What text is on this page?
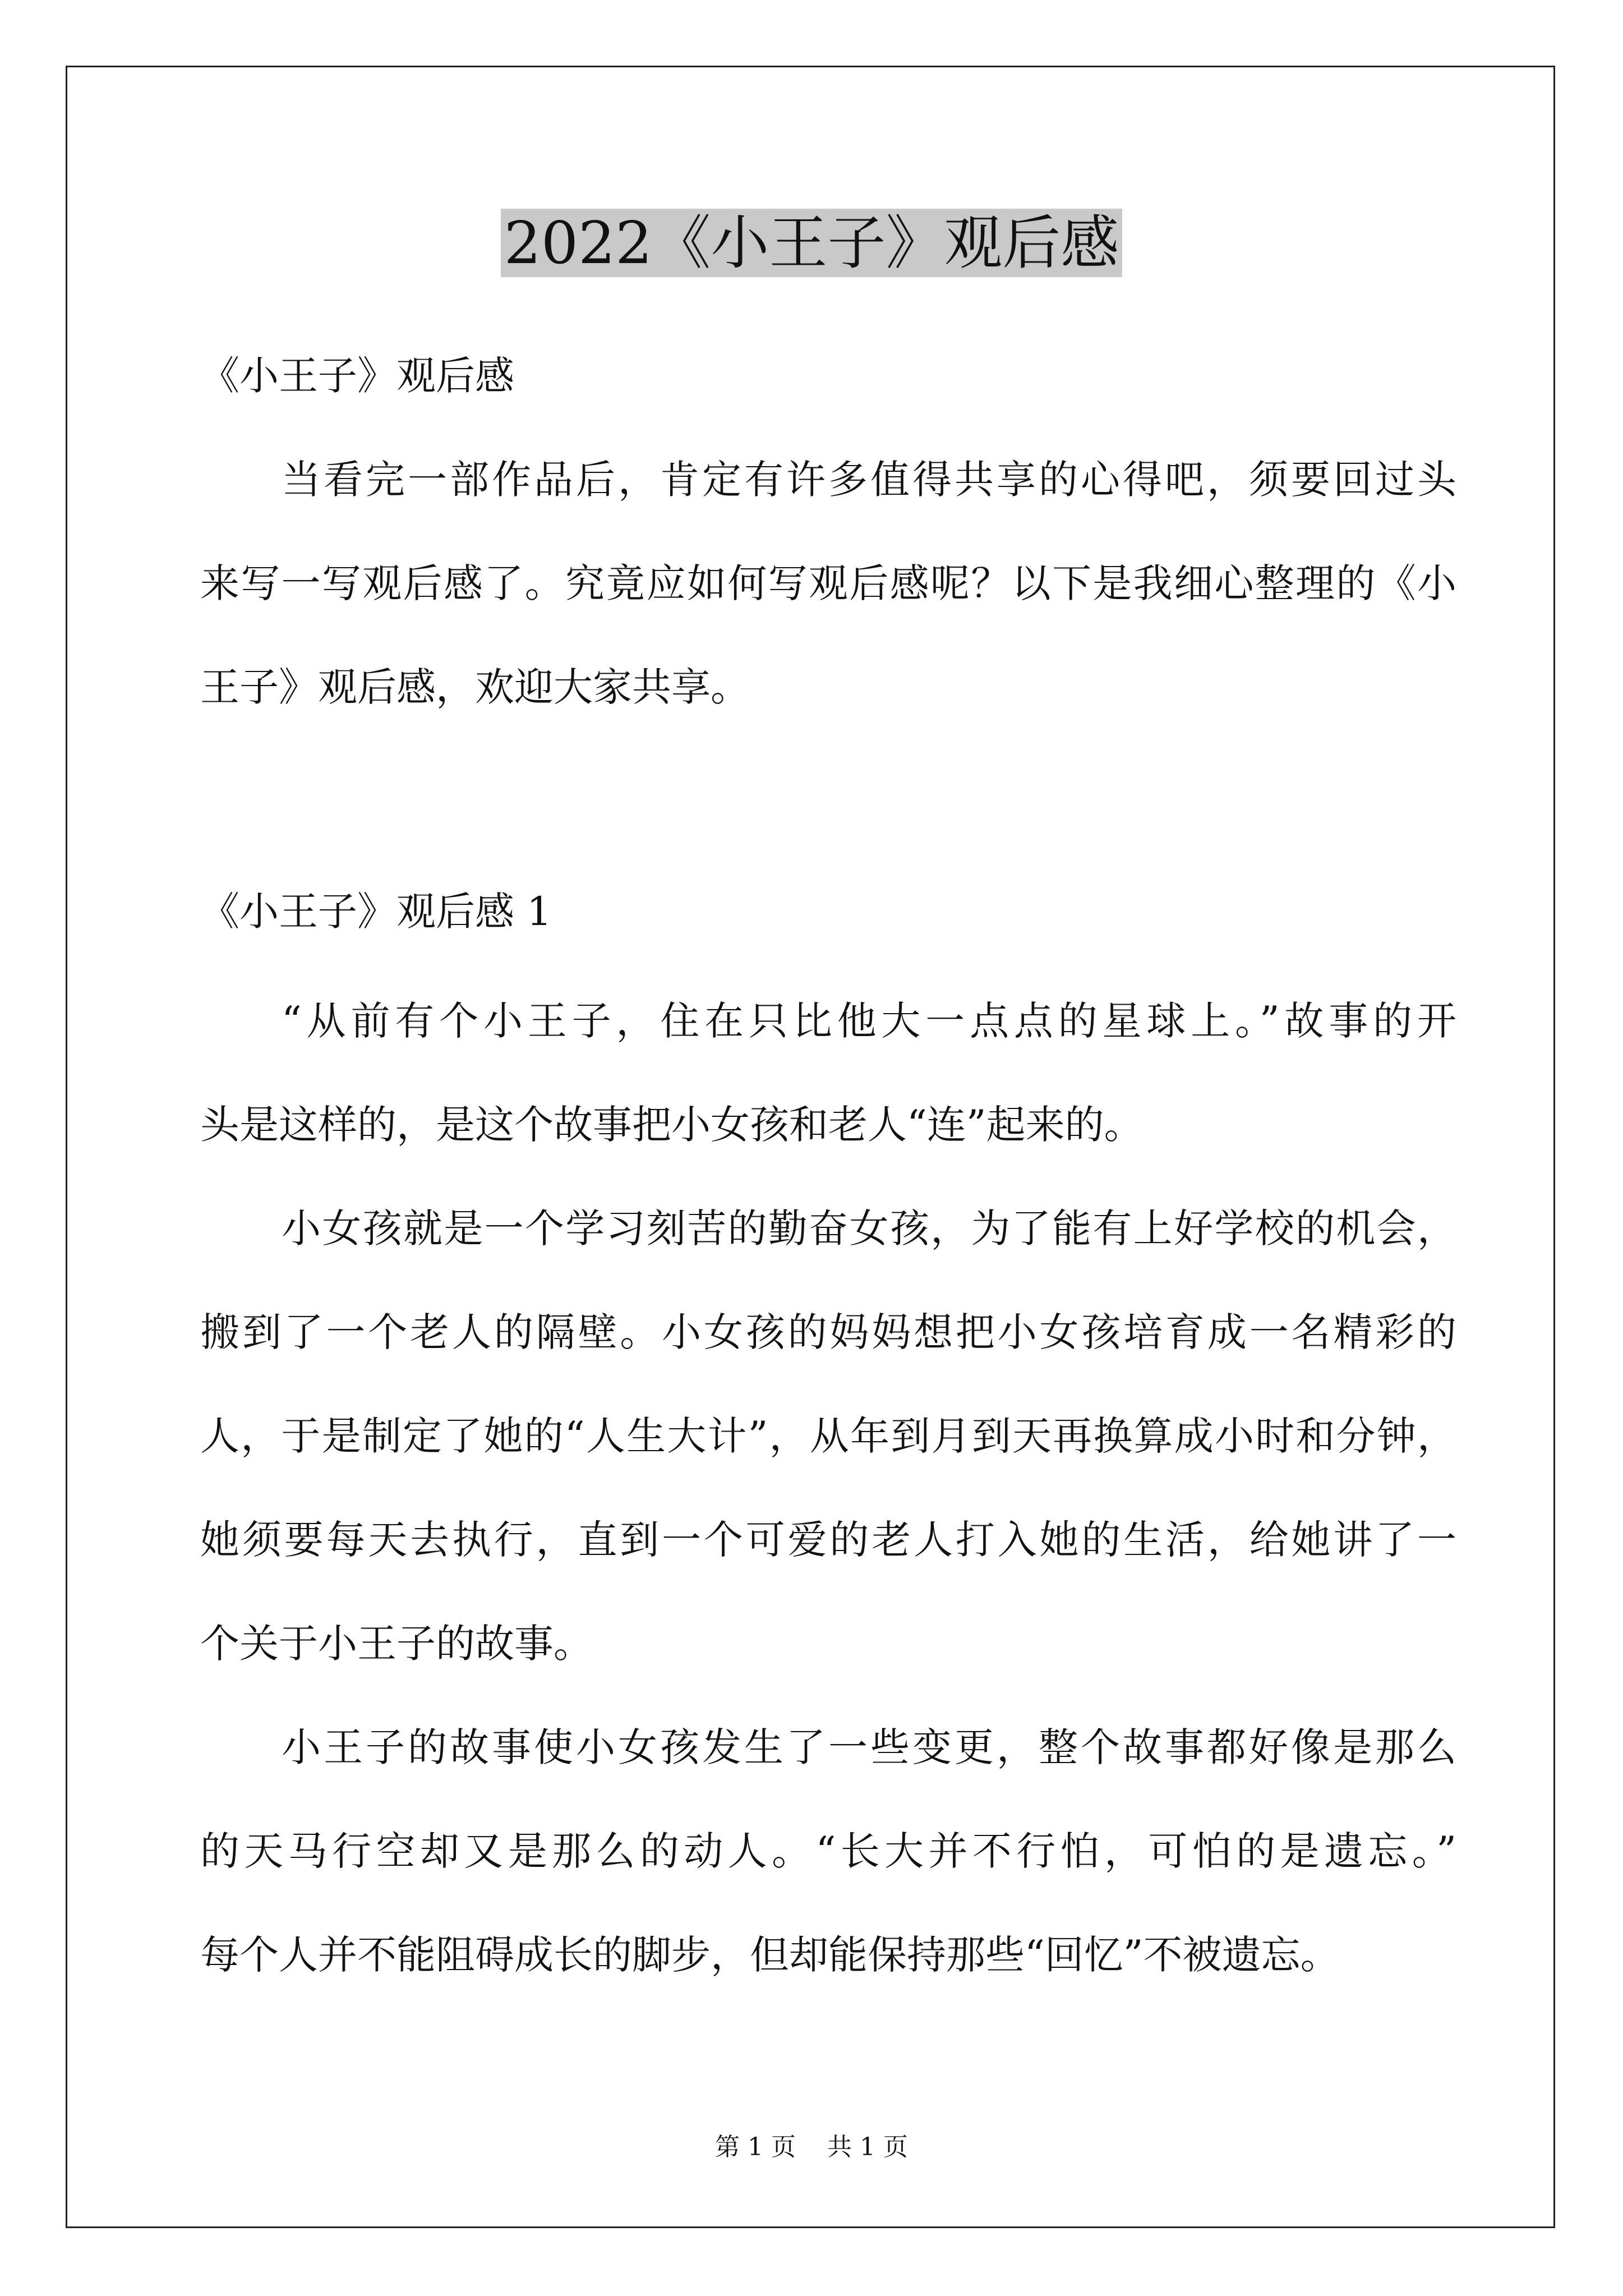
2022《小王子》观后感
《小王子》观后感
当看完一部作品后，肯定有许多值得共享的心得吧，须要回过头
来写一写观后感了。究竟应如何写观后感呢？以下是我细心整理的《小
王子》观后感，欢迎大家共享。
《小王子》观后感 1
“从前有个小王子，住在只比他大一点点的星球上。”故事的开
头是这样的，是这个故事把小女孩和老人“连”起来的。
小女孩就是一个学习刻苦的勤奋女孩，为了能有上好学校的机会，
搬到了一个老人的隔壁。小女孩的妈妈想把小女孩培育成一名精彩的
人，于是制定了她的“人生大计”，从年到月到天再换算成小时和分钟，
她须要每天去执行，直到一个可爱的老人打入她的生活，给她讲了一
个关于小王子的故事。
小王子的故事使小女孩发生了一些变更，整个故事都好像是那么
的天马行空却又是那么的动人。“长大并不行怕，可怕的是遗忘。”
每个人并不能阻碍成长的脚步，但却能保持那些“回忆”不被遗忘。
第 1 页    共 1 页
